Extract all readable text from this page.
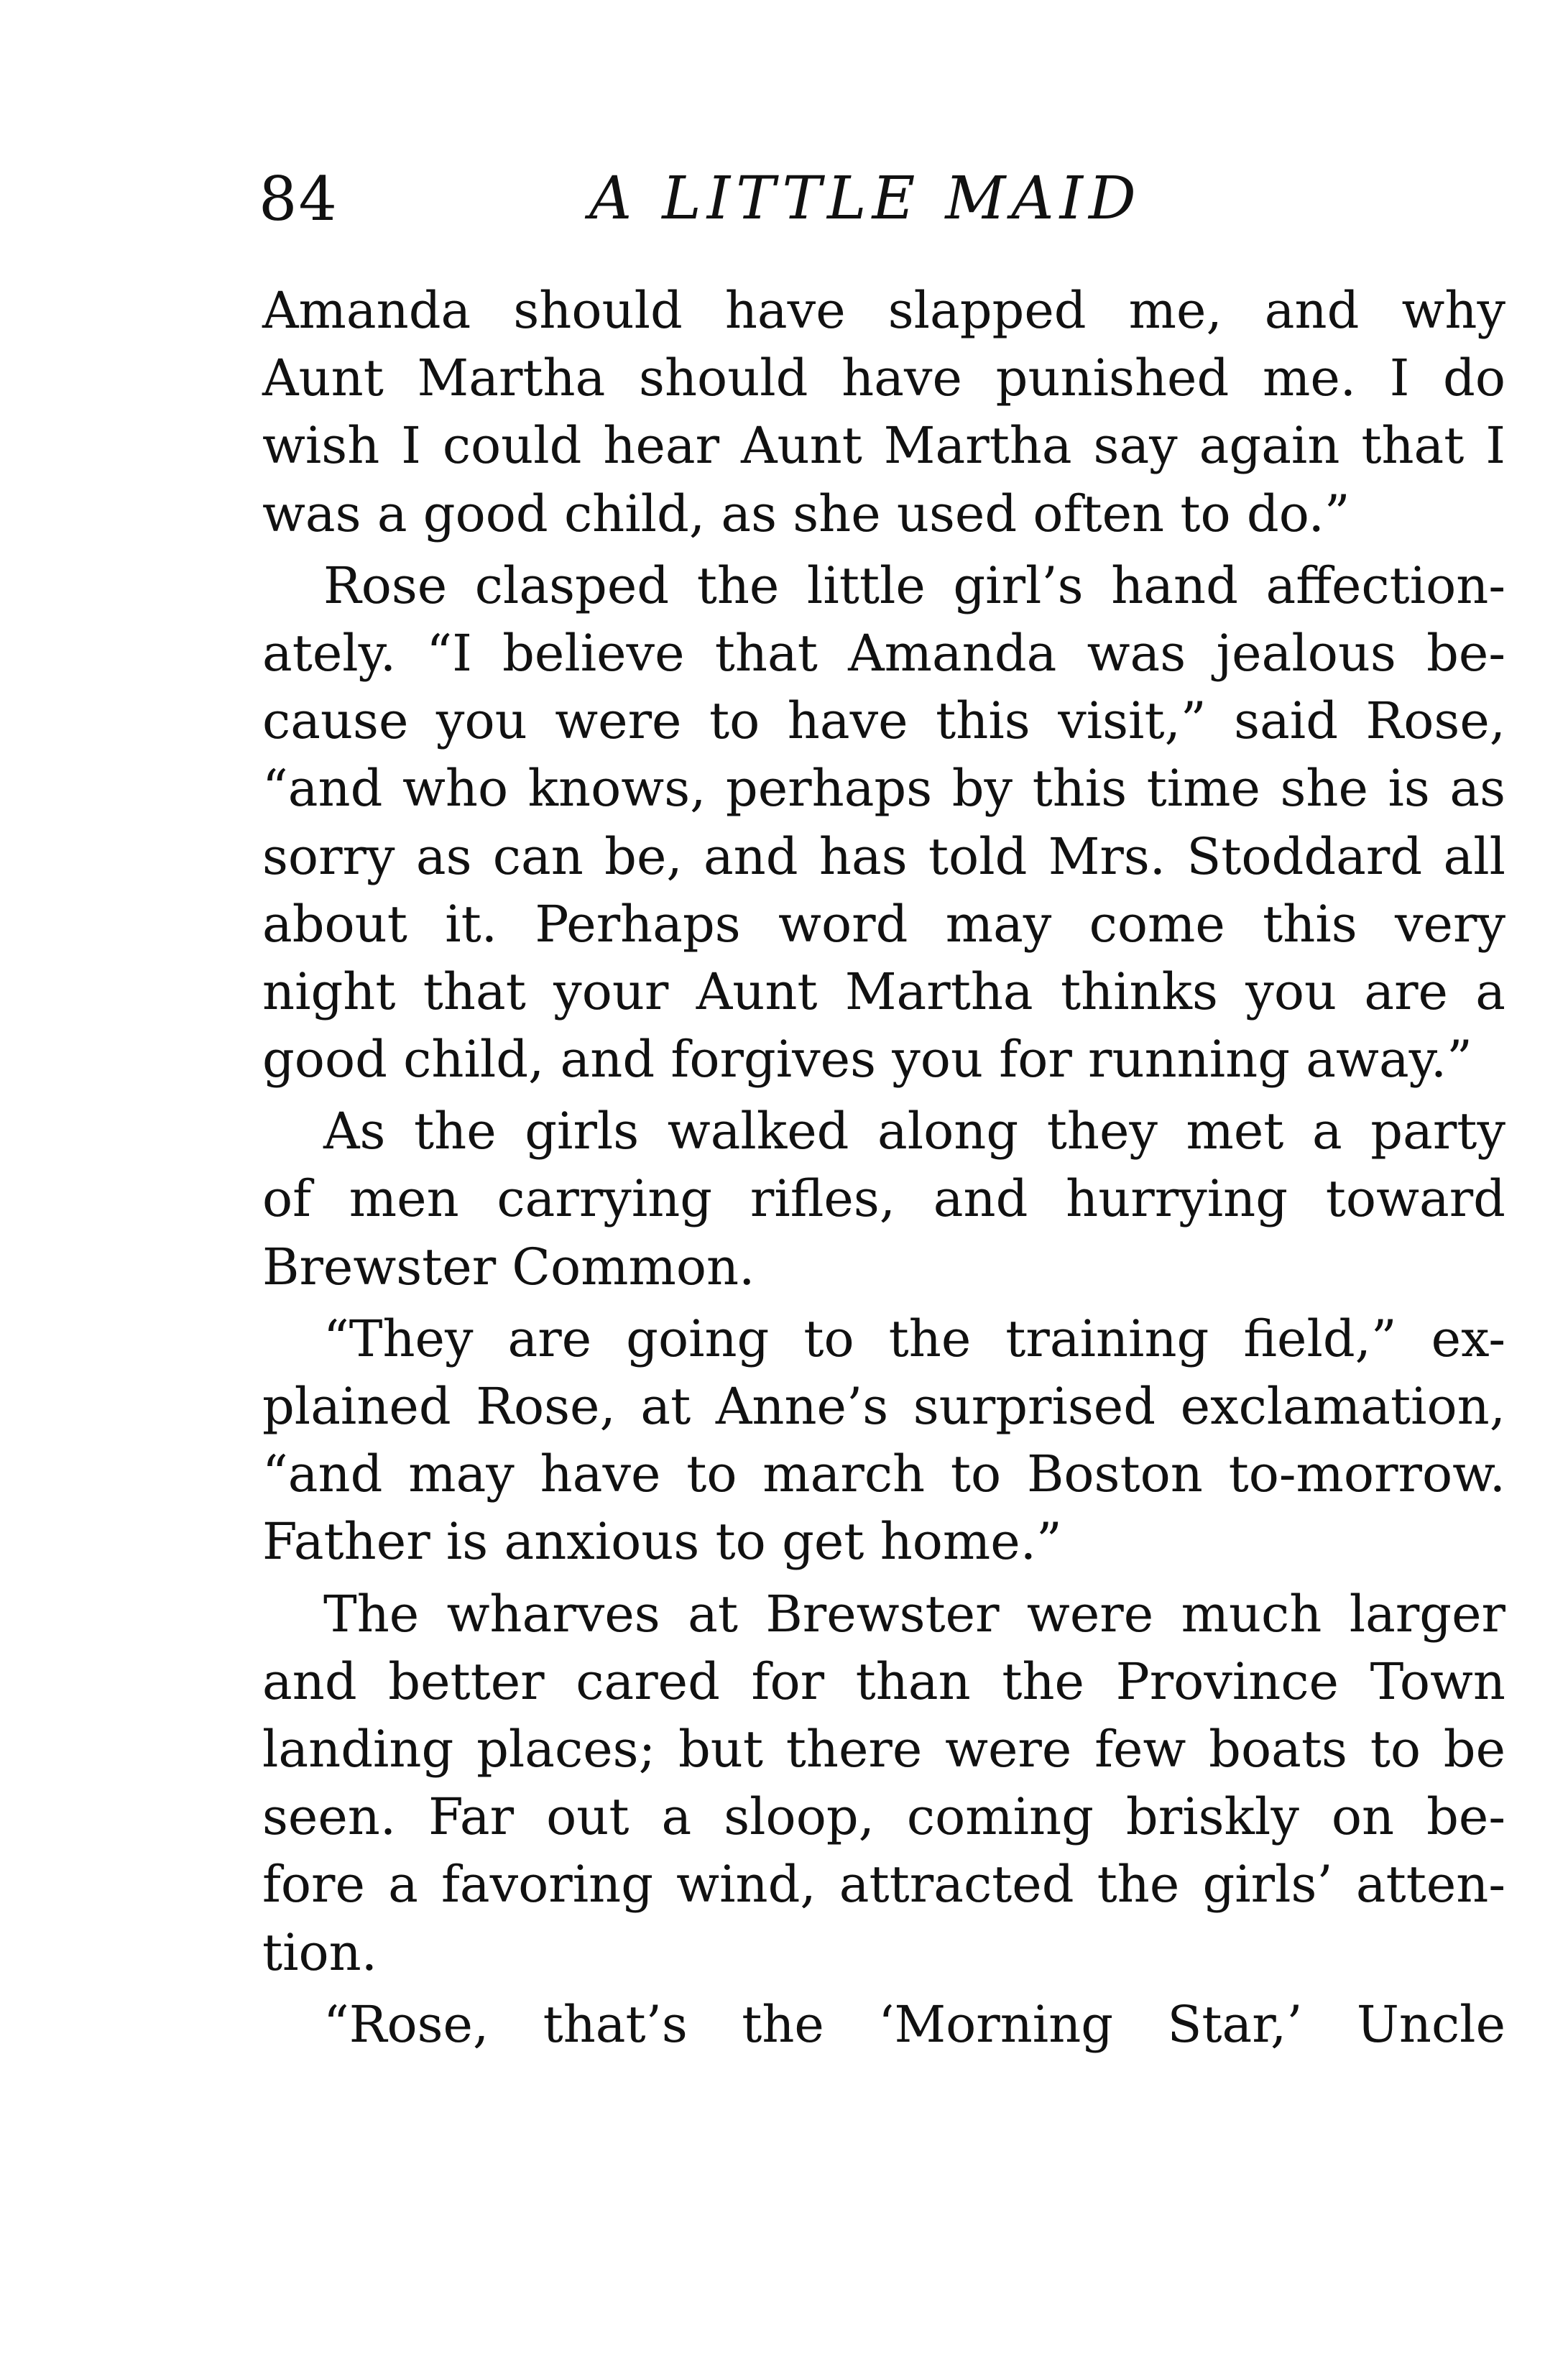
84	A LITTLE MAID
Amanda should have slapped me, and why
Aunt Martha should have punished me. I do
wish I could hear Aunt Martha say again that I
was a good child, as she used often to do.”
Rose clasped the little girl’s hand affection-
ately. “I believe that Amanda was jealous be-
cause you were to have this visit,” said Rose,
“and who knows, perhaps by this time she is as
sorry as can be, and has told Mrs. Stoddard all
about it. Perhaps word may come this very
night that your Aunt Martha thinks you are a
good child, and forgives you for running away.”
As the girls walked along they met a party
of men carrying rifles, and hurrying toward
Brewster Common.
“They are going to the training field,” ex-
plained Rose, at Anne’s surprised exclamation,
“and may have to march to Boston to-morrow.
Father is anxious to get home.”
The wharves at Brewster were much larger
and better cared for than the Province Town
landing places; but there were few boats to be
seen. Far out a sloop, coming briskly on be-
fore a favoring wind, attracted the girls’ atten-
tion.
“Rose, that’s the ‘Morning Star,’ Uncle
